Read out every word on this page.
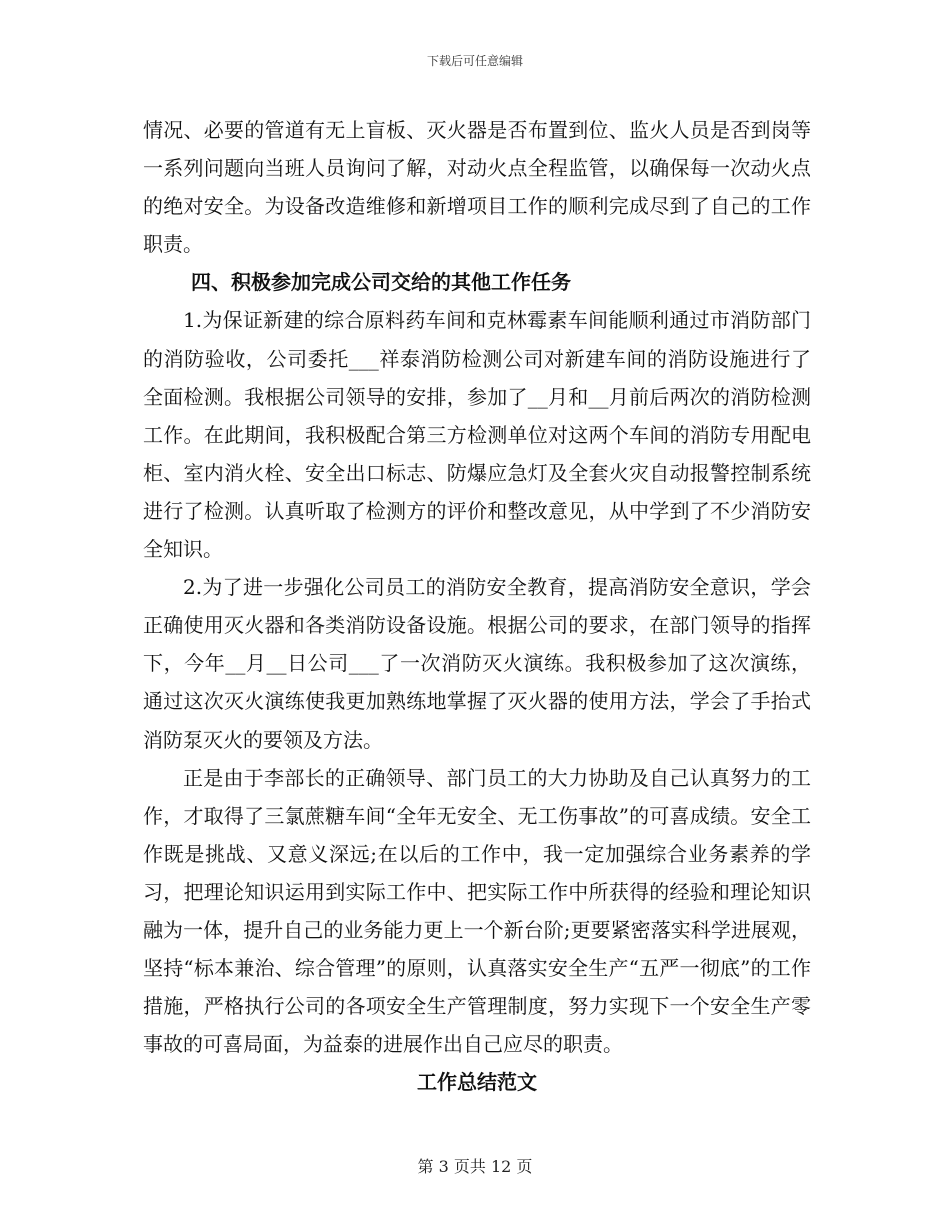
下载后可任意编辑

情况、必要的管道有无上盲板、灭火器是否布置到位、监火人员是否到岗等一系列问题向当班人员询问了解，对动火点全程监管，以确保每一次动火点的绝对安全。为设备改造维修和新增项目工作的顺利完成尽到了自己的工作职责。

四、积极参加完成公司交给的其他工作任务

1.为保证新建的综合原料药车间和克林霉素车间能顺利通过市消防部门的消防验收，公司委托___祥泰消防检测公司对新建车间的消防设施进行了全面检测。我根据公司领导的安排，参加了__月和__月前后两次的消防检测工作。在此期间，我积极配合第三方检测单位对这两个车间的消防专用配电柜、室内消火栓、安全出口标志、防爆应急灯及全套火灾自动报警控制系统进行了检测。认真听取了检测方的评价和整改意见，从中学到了不少消防安全知识。

2.为了进一步强化公司员工的消防安全教育，提高消防安全意识，学会正确使用灭火器和各类消防设备设施。根据公司的要求，在部门领导的指挥下，今年__月__日公司___了一次消防灭火演练。我积极参加了这次演练，通过这次灭火演练使我更加熟练地掌握了灭火器的使用方法，学会了手抬式消防泵灭火的要领及方法。

正是由于李部长的正确领导、部门员工的大力协助及自己认真努力的工作，才取得了三氯蔗糖车间“全年无安全、无工伤事故”的可喜成绩。安全工作既是挑战、又意义深远;在以后的工作中，我一定加强综合业务素养的学习，把理论知识运用到实际工作中、把实际工作中所获得的经验和理论知识融为一体，提升自己的业务能力更上一个新台阶;更要紧密落实科学进展观，坚持“标本兼治、综合管理”的原则，认真落实安全生产“五严一彻底”的工作措施，严格执行公司的各项安全生产管理制度，努力实现下一个安全生产零事故的可喜局面，为益泰的进展作出自己应尽的职责。

工作总结范文
第 3 页共 12 页
